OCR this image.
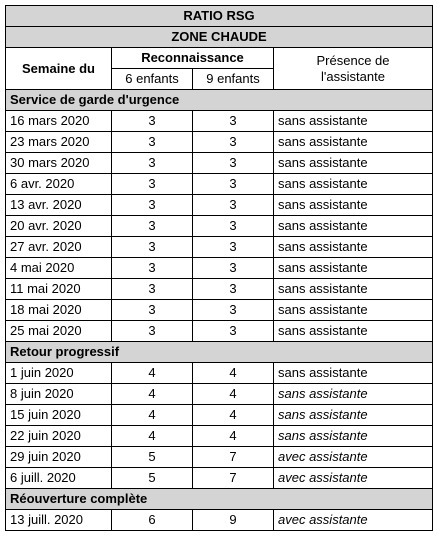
RATIO RSG			
ZONE CHAUDE			
Semaine du	Reconnaissance		Présence de
l'assistante
	6 enfants	9 enfants	
Service de garde d'urgence			
16 mars 2020	3	3	sans assistante
23 mars 2020	3	3	sans assistante
30 mars 2020	3	3	sans assistante
6 avr. 2020	3	3	sans assistante
13 avr. 2020	3	3	sans assistante
20 avr. 2020	3	3	sans assistante
27 avr. 2020	3	3	sans assistante
4 mai 2020	3	3	sans assistante
11 mai 2020	3	3	sans assistante
18 mai 2020	3	3	sans assistante
25 mai 2020	3	3	sans assistante
Retour progressif			
1 juin 2020	4	4	sans assistante
8 juin 2020	4	4	sans assistante
15 juin 2020	4	4	sans assistante
22 juin 2020	4	4	sans assistante
29 juin 2020	5	7	avec assistante
6 juill. 2020	5	7	avec assistante
Réouverture complète			
13 juill. 2020	6	9	avec assistante
